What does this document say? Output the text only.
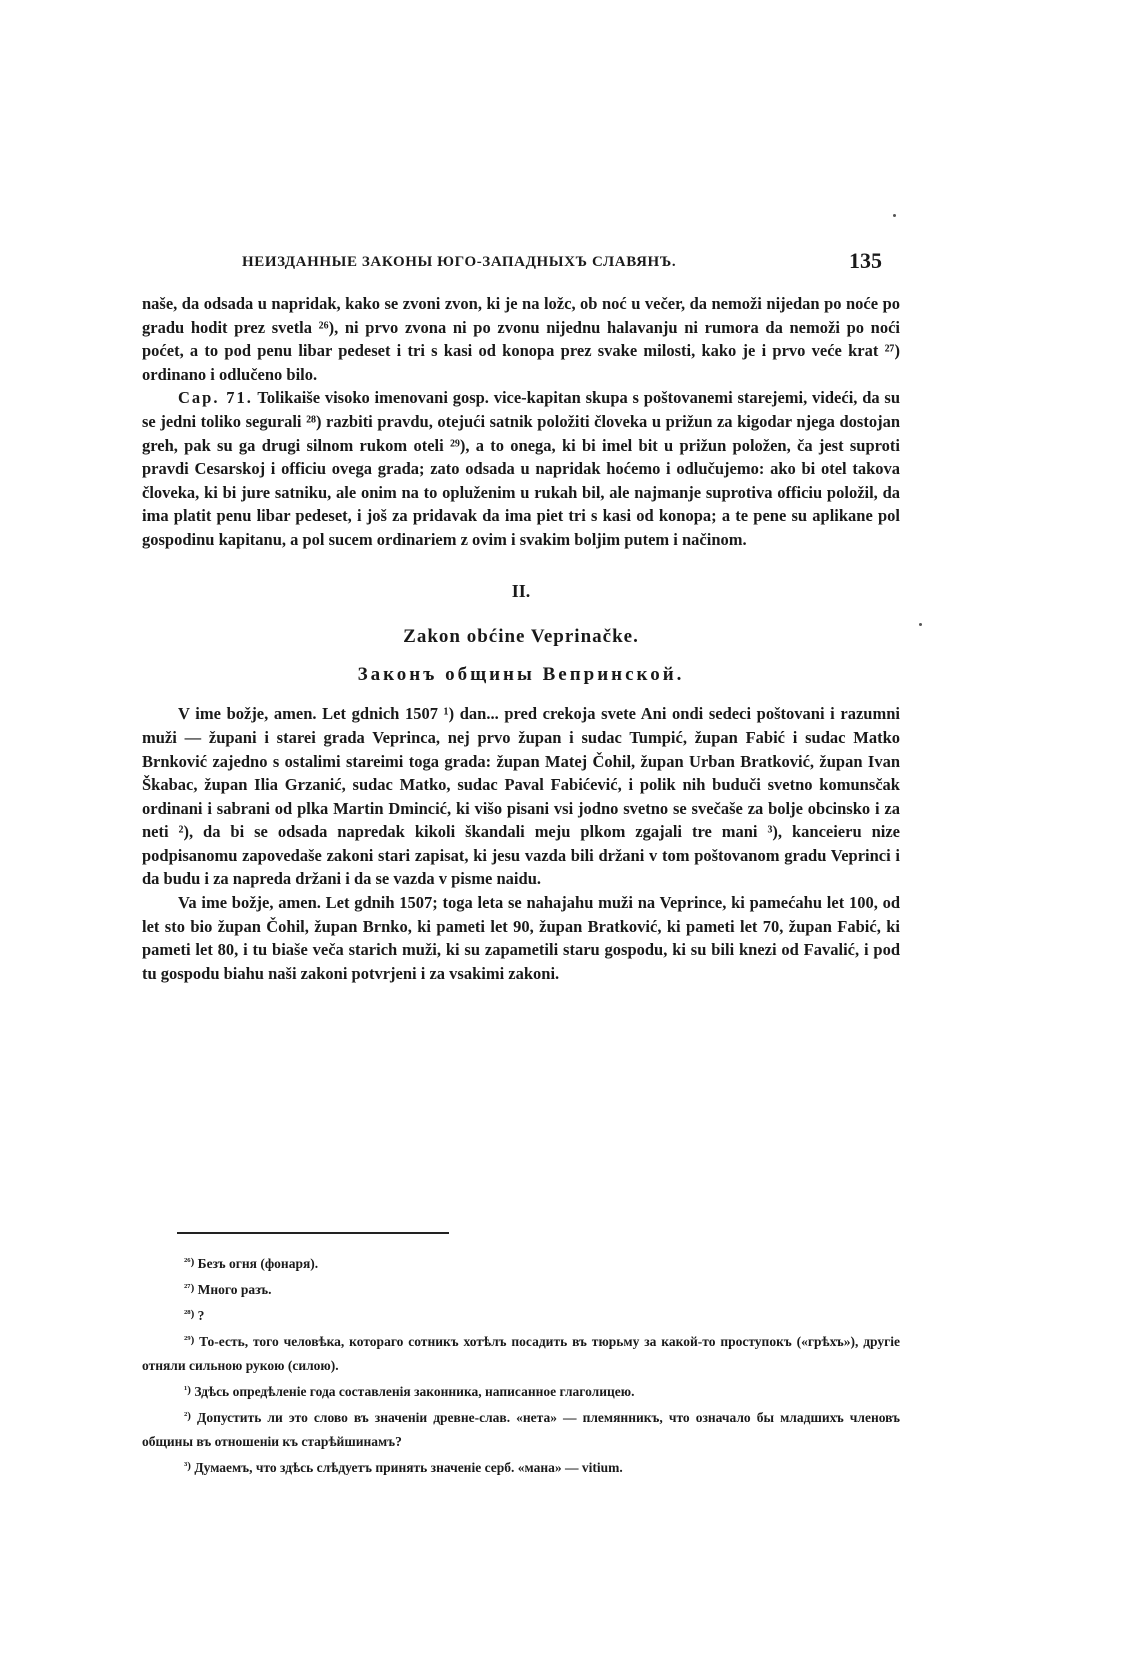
НЕИЗДАННЫЕ ЗАКОНЫ ЮГО-ЗАПАДНЫХЪ СЛАВЯНЪ.	135

naše, da odsada u napridak, kako se zvoni zvon, ki je na ložc, ob noć u večer, da nemoži nijedan po noće po gradu hodit prez svetla ²⁶), ni prvo zvona ni po zvonu nijednu halavanju ni rumora da nemoži po noći poćet, a to pod penu libar pedeset i tri s kasi od konopa prez svake milosti, kako je i prvo veće krat ²⁷) ordinano i odlučeno bilo.

Cap. 71. Tolikaiše visoko imenovani gosp. vice-kapitan skupa s poštovanemi starejemi, videći, da su se jedni toliko segurali ²⁸) razbiti pravdu, otejući satnik položiti človeka u prižun za kigodar njega dostojan greh, pak su ga drugi silnom rukom oteli ²⁹), a to onega, ki bi imel bit u prižun položen, ča jest suproti pravdi Cesarskoj i officiu ovega grada; zato odsada u napridak hoćemo i odlučujemo: ako bi otel takova človeka, ki bi jure satniku, ale onim na to opluženim u rukah bil, ale najmanje suprotiva officiu položil, da ima platit penu libar pedeset, i još za pridavak da ima piet tri s kasi od konopa; a te pene su aplikane pol gospodinu kapitanu, a pol sucem ordinariem z ovim i svakim boljim putem i načinom.

II.
Zakon obćine Veprinačke.
Законъ общины Вепринской.

V ime božje, amen. Let gdnich 1507 ¹) dan... pred crekoja svete Ani ondi sedeci poštovani i razumni muži — župani i starei grada Veprinca, nej prvo župan i sudac Tumpić, župan Fabić i sudac Matko Brnković zajedno s ostalimi stareimi toga grada: župan Matej Čohil, župan Urban Bratković, župan Ivan Škabac, župan Ilia Grzanić, sudac Matko, sudac Paval Fabićević, i polik nih buduči svetno komunsčak ordinani i sabrani od plka Martin Dmincić, ki višo pisani vsi jodno svetno se svečaše za bolje obcinsko i za neti ²), da bi se odsada napredak kikoli škandali meju plkom zgajali tre mani ³), kanceieru nize podpisanomu zapovedaše zakoni stari zapisat, ki jesu vazda bili držani v tom poštovanom gradu Veprinci i da budu i za napreda držani i da se vazda v pisme naidu.

Va ime božje, amen. Let gdnih 1507; toga leta se nahajahu muži na Veprince, ki pamećahu let 100, od let sto bio župan Čohil, župan Brnko, ki pameti let 90, župan Bratković, ki pameti let 70, župan Fabić, ki pameti let 80, i tu biaše veča starich muži, ki su zapametili staru gospodu, ki su bili knezi od Favalić, i pod tu gospodu biahu naši zakoni potvrjeni i za vsakimi zakoni.

$^{^{26})}$ Безъ огня (фонаря).

$^{^{27})}$ Много разъ.

$^{^{28})}$ ?

$^{^{29})}$ То-есть, того человѣка, котораго сотникъ хотѣлъ посадить въ тюрьму за какой-то проступокъ («грѣхъ»), другіе отняли сильною рукою (силою).

$^{^1)}$ Здѣсь опредѣленіе года составленія законника, написанное глаголицею.

$^{^2)}$ Допустить ли это слово въ значеніи древне-слав. «нета» — племянникъ, что означало бы младшихъ членовъ общины въ отношеніи къ старѣйшинамъ?

$^{^3)}$ Думаемъ, что здѣсь слѣдуетъ принять значеніе серб. «мана» — vitium.
